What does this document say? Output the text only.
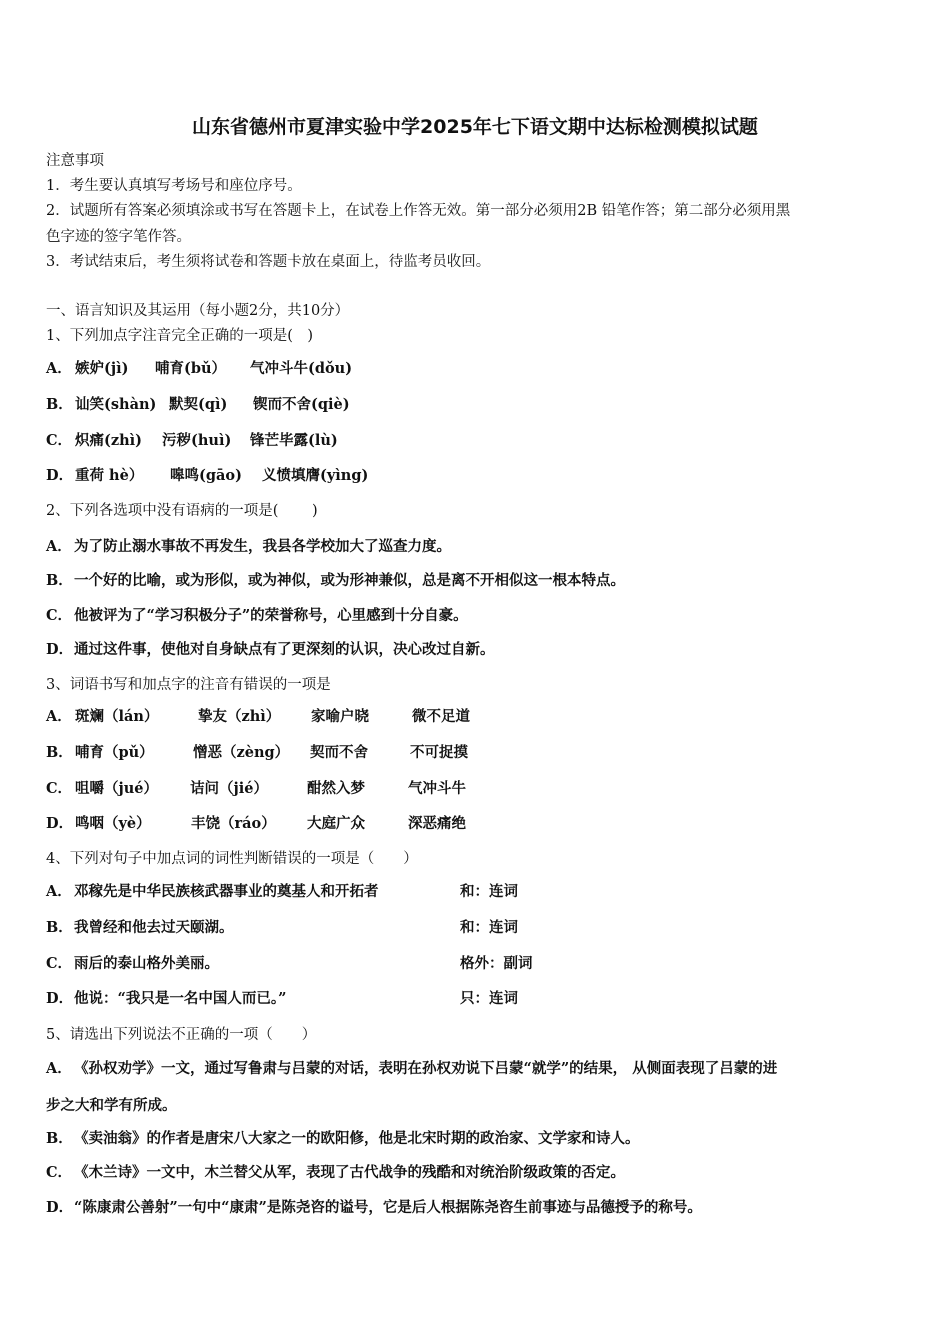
山东省德州市夏津实验中学2025年七下语文期中达标检测模拟试题
注意事项
1．考生要认真填写考场号和座位序号。
2．试题所有答案必须填涂或书写在答题卡上，在试卷上作答无效。第一部分必须用2B 铅笔作答；第二部分必须用黑
色字迹的签字笔作答。
3．考试结束后，考生须将试卷和答题卡放在桌面上，待监考员收回。
一、语言知识及其运用（每小题2分，共10分）
1、下列加点字注音完全正确的一项是(　)
A． 嫉妒(jì) 哺育(bǔ） 气冲斗牛(dǒu)
B． 讪笑(shàn) 默契(qì) 锲而不舍(qiè)
C． 炽痛(zhì) 污秽(huì) 锋芒毕露(lù)
D． 重荷 hè） 嗥鸣(gāo) 义愤填膺(yìng)
2、下列各选项中没有语病的一项是(　　 )
A． 为了防止溺水事故不再发生，我县各学校加大了巡查力度。
B．一个好的比喻，或为形似，或为神似，或为形神兼似，总是离不开相似这一根本特点。
C． 他被评为了“学习积极分子”的荣誉称号，心里感到十分自豪。
D．通过这件事，使他对自身缺点有了更深刻的认识，决心改过自新。
3、词语书写和加点字的注音有错误的一项是
A． 斑斓（lán）	挚友（zhì） 家喻户晓	微不足道
B． 哺育（pǔ）	憎恶（zèng） 契而不舍	不可捉摸
C． 咀嚼（jué） 诘问（jié）	酣然入梦	气冲斗牛
D． 鸣咽（yè）	丰饶（ráo） 大庭广众	深恶痛绝
4、下列对句子中加点词的词性判断错误的一项是（　　）
A． 邓稼先是中华民族核武器事业的奠基人和开拓者	和：连词
B．我曾经和他去过天颐湖。	和：连词
C． 雨后的泰山格外美丽。	格外：副词
D．他说：“我只是一名中国人而已。”	只：连词
5、请选出下列说法不正确的一项（　　）
A． 《孙权劝学》一文，通过写鲁肃与吕蒙的对话，表明在孙权劝说下吕蒙“就学”的结果， 从侧面表现了吕蒙的进
步之大和学有所成。
B．《卖油翁》的作者是唐宋八大家之一的欧阳修，他是北宋时期的政治家、文学家和诗人。
C． 《木兰诗》一文中，木兰替父从军，表现了古代战争的残酷和对统治阶级政策的否定。
D．“陈康肃公善射”一句中“康肃”是陈尧咨的谥号，它是后人根据陈尧咨生前事迹与品德授予的称号。
